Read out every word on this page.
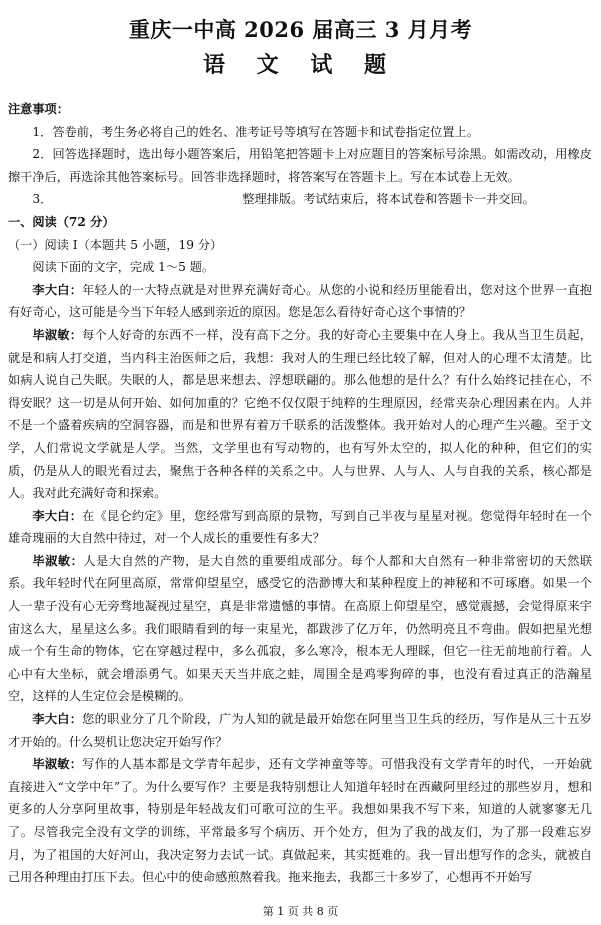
重庆一中高 2026 届高三 3 月月考
语 文 试 题

注意事项：

1．答卷前，考生务必将自己的姓名、准考证号等填写在答题卡和试卷指定位置上。

2．回答选择题时，选出每小题答案后，用铅笔把答题卡上对应题目的答案标号涂黑。如需改动，用橡皮擦干净后，再选涂其他答案标号。回答非选择题时，将答案写在答题卡上。写在本试卷上无效。

3．	整理排版。考试结束后，将本试卷和答题卡一并交回。

一、阅读（72 分）

（一）阅读 I（本题共 5 小题，19 分）

阅读下面的文字，完成 1～5 题。

李大白：年轻人的一大特点就是对世界充满好奇心。从您的小说和经历里能看出，您对这个世界一直抱有好奇心，这可能是今当下年轻人感到亲近的原因。您是怎么看待好奇心这个事情的？

毕淑敏：每个人好奇的东西不一样，没有高下之分。我的好奇心主要集中在人身上。我从当卫生员起，就是和病人打交道，当内科主治医师之后，我想：我对人的生理已经比较了解，但对人的心理不太清楚。比如病人说自己失眠。失眠的人，都是思来想去、浮想联翩的。那么他想的是什么？有什么始终记挂在心，不得安眠？这一切是从何开始、如何加重的？它绝不仅仅限于纯粹的生理原因，经常夹杂心理因素在内。人并不是一个盛着疾病的空洞容器，而是和世界有着万千联系的活泼整体。我开始对人的心理产生兴趣。至于文学，人们常说文学就是人学。当然，文学里也有写动物的，也有写外太空的，拟人化的种种，但它们的实质，仍是从人的眼光看过去，聚焦于各种各样的关系之中。人与世界、人与人、人与自我的关系，核心都是人。我对此充满好奇和探索。

李大白：在《昆仑约定》里，您经常写到高原的景物，写到自己半夜与星星对视。您觉得年轻时在一个雄奇瑰丽的大自然中待过，对一个人成长的重要性有多大？

毕淑敏：人是大自然的产物，是大自然的重要组成部分。每个人都和大自然有一种非常密切的天然联系。我年轻时代在阿里高原，常常仰望星空，感受它的浩渺博大和某种程度上的神秘和不可琢磨。如果一个人一辈子没有心无旁骛地凝视过星空，真是非常遗憾的事情。在高原上仰望星空，感觉震撼，会觉得原来宇宙这么大，星星这么多。我们眼睛看到的每一束星光，都跋涉了亿万年，仍然明亮且不弯曲。假如把星光想成一个有生命的物体，它在穿越过程中，多么孤寂，多么寒冷，根本无人理睬，但它一往无前地前行着。人心中有大坐标，就会增添勇气。如果天天当井底之蛙，周围全是鸡零狗碎的事，也没有看过真正的浩瀚星空，这样的人生定位会是模糊的。

李大白：您的职业分了几个阶段，广为人知的就是最开始您在阿里当卫生兵的经历，写作是从三十五岁才开始的。什么契机让您决定开始写作？

毕淑敏：写作的人基本都是文学青年起步，还有文学神童等等。可惜我没有文学青年的时代，一开始就直接进入“文学中年”了。为什么要写作？主要是我特别想让人知道年轻时在西藏阿里经过的那些岁月，想和更多的人分享阿里故事，特别是年轻战友们可歌可泣的生平。我想如果我不写下来，知道的人就寥寥无几了。尽管我完全没有文学的训练，平常最多写个病历、开个处方，但为了我的战友们，为了那一段难忘岁月，为了祖国的大好河山，我决定努力去试一试。真做起来，其实挺难的。我一冒出想写作的念头，就被自己用各种理由打压下去。但心中的使命感煎熬着我。拖来拖去，我都三十多岁了，心想再不开始写

第 1 页 共 8 页
